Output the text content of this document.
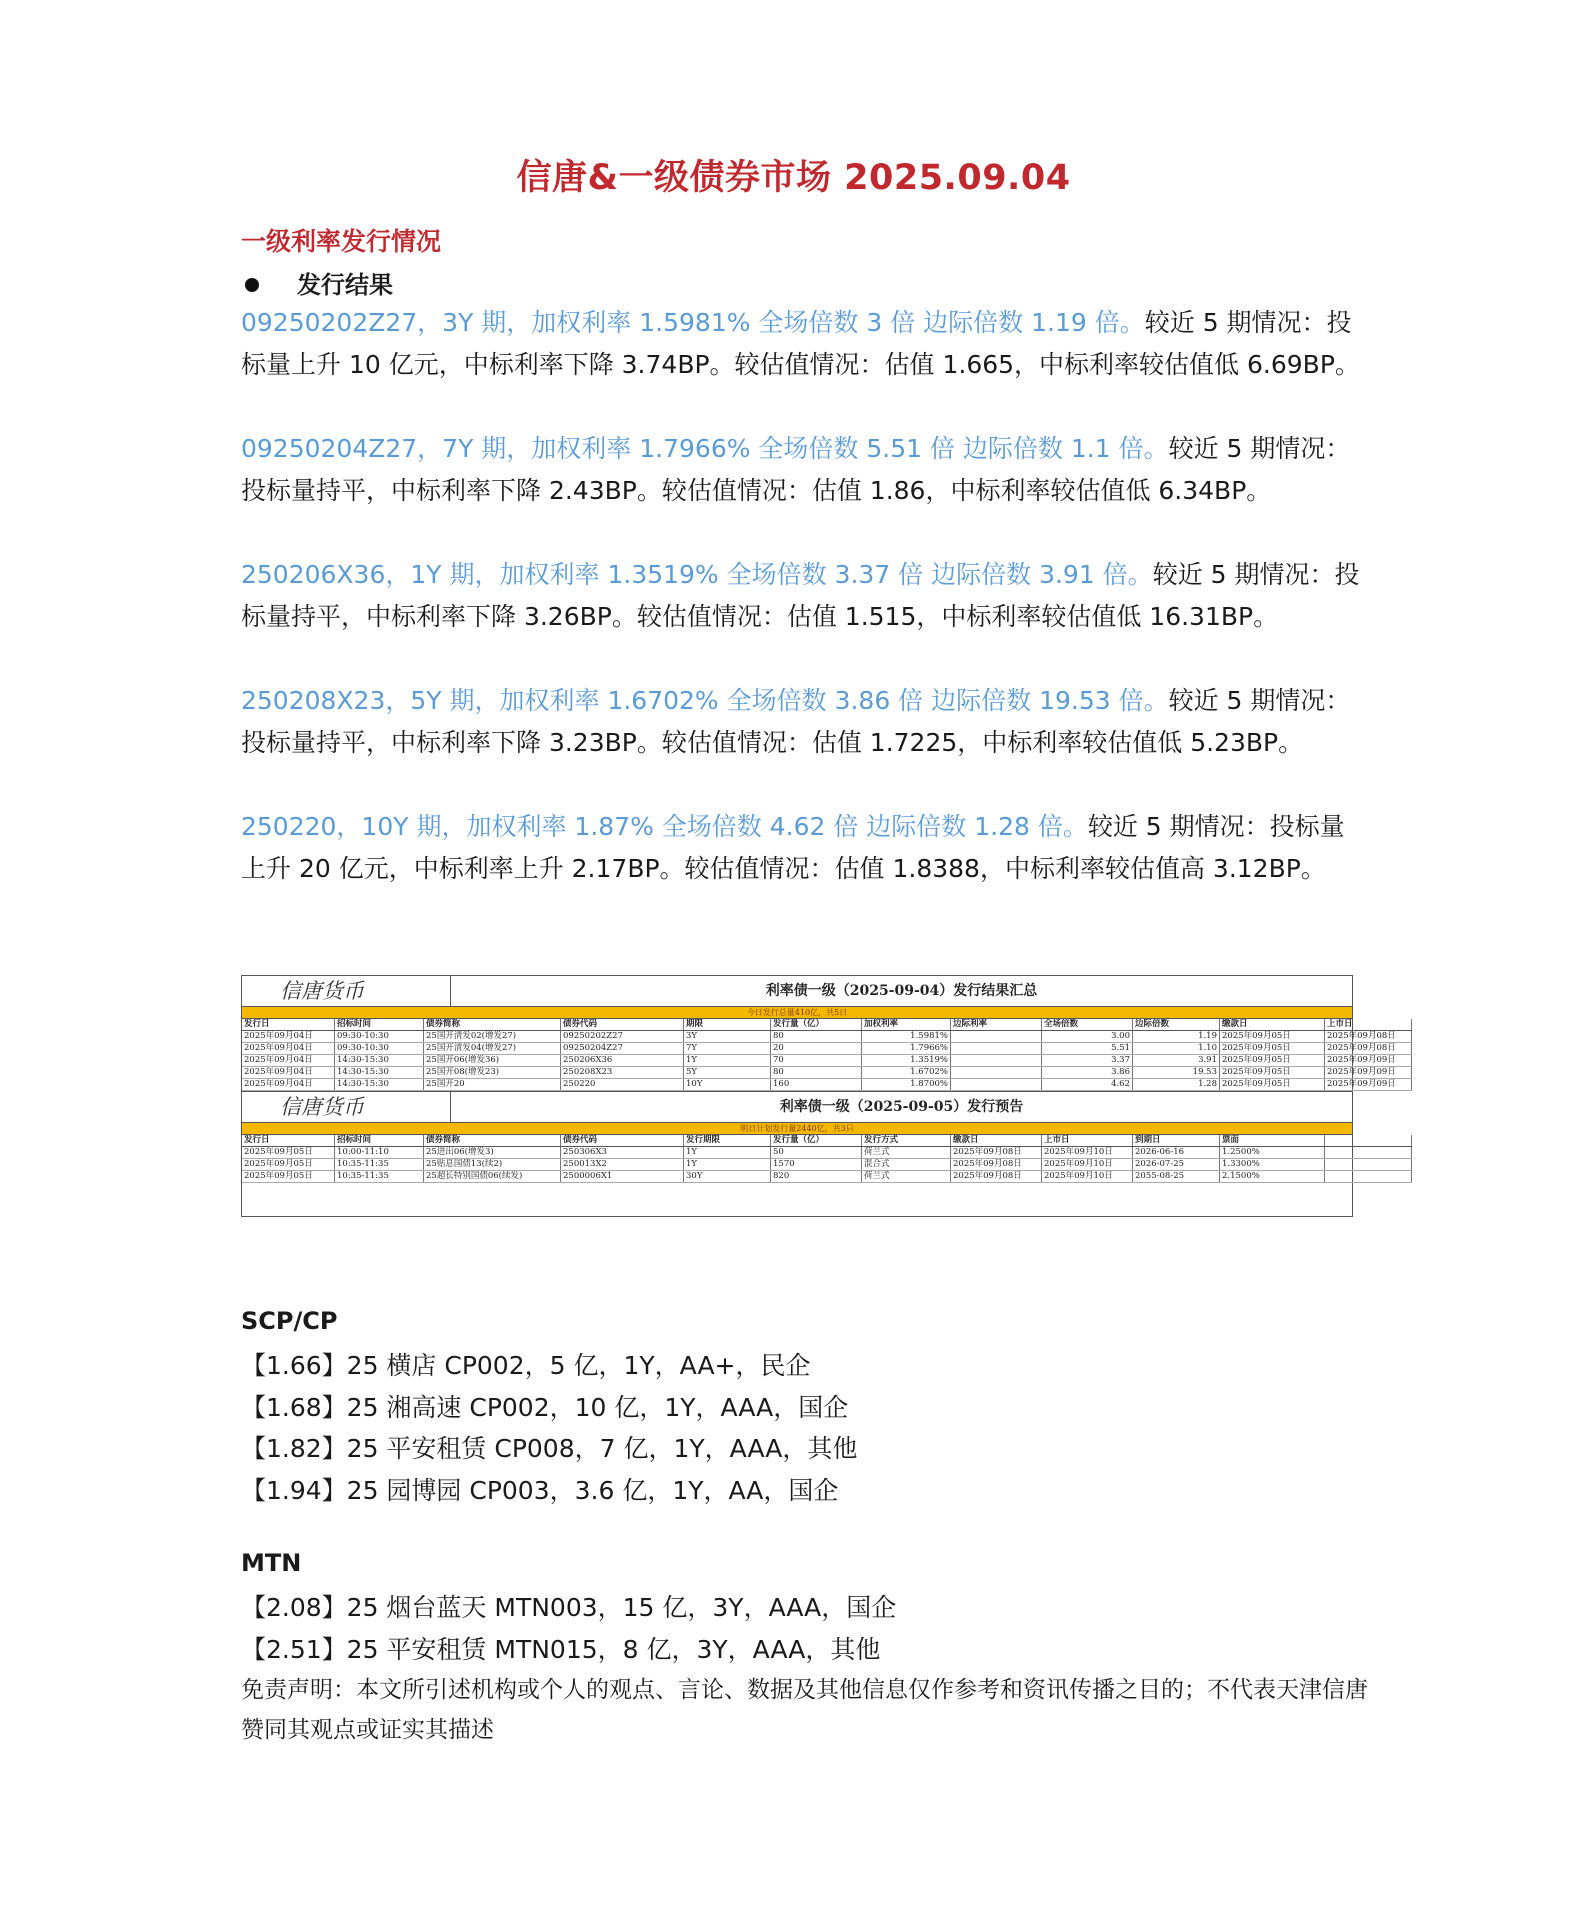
信唐&一级债券市场 2025.09.04
一级利率发行情况
发行结果

09250202Z27，3Y 期，加权利率 1.5981% 全场倍数 3 倍 边际倍数 1.19 倍。较近 5 期情况：投标量上升 10 亿元，中标利率下降 3.74BP。较估值情况：估值 1.665，中标利率较估值低 6.69BP。

09250204Z27，7Y 期，加权利率 1.7966% 全场倍数 5.51 倍 边际倍数 1.1 倍。较近 5 期情况：投标量持平，中标利率下降 2.43BP。较估值情况：估值 1.86，中标利率较估值低 6.34BP。

250206X36，1Y 期，加权利率 1.3519% 全场倍数 3.37 倍 边际倍数 3.91 倍。较近 5 期情况：投标量持平，中标利率下降 3.26BP。较估值情况：估值 1.515，中标利率较估值低 16.31BP。

250208X23，5Y 期，加权利率 1.6702% 全场倍数 3.86 倍 边际倍数 19.53 倍。较近 5 期情况：投标量持平，中标利率下降 3.23BP。较估值情况：估值 1.7225，中标利率较估值低 5.23BP。

250220，10Y 期，加权利率 1.87% 全场倍数 4.62 倍 边际倍数 1.28 倍。较近 5 期情况：投标量上升 20 亿元，中标利率上升 2.17BP。较估值情况：估值 1.8388，中标利率较估值高 3.12BP。

信唐货币	利率债一级（2025-09-04）发行结果汇总
今日发行总量410亿，共5日
发行日	招标时间	债券简称	债券代码	期限	发行量（亿）	加权利率	边际利率	全场倍数	边际倍数	缴款日	上市日
2025年09月04日	09:30-10:30	25国开清发02(增发27)	09250202Z27	3Y	80	1.5981%		3.00	1.19	2025年09月05日	2025年09月08日
2025年09月04日	09:30-10:30	25国开清发04(增发27)	09250204Z27	7Y	20	1.7966%		5.51	1.10	2025年09月05日	2025年09月08日
2025年09月04日	14:30-15:30	25国开06(增发36)	250206X36	1Y	70	1.3519%		3.37	3.91	2025年09月05日	2025年09月09日
2025年09月04日	14:30-15:30	25国开08(增发23)	250208X23	5Y	80	1.6702%		3.86	19.53	2025年09月05日	2025年09月09日
2025年09月04日	14:30-15:30	25国开20	250220	10Y	160	1.8700%		4.62	1.28	2025年09月05日	2025年09月09日
信唐货币	利率债一级（2025-09-05）发行预告
明日计划发行量2440亿，共3只
发行日	招标时间	债券简称	债券代码	发行期限	发行量（亿）	发行方式	缴款日	上市日	到期日	票面	
2025年09月05日	10:00-11:10	25进出06(增发3)	250306X3	1Y	50	荷兰式	2025年09月08日	2025年09月10日	2026-06-16	1.2500%	
2025年09月05日	10:35-11:35	25贴息国债13(续2)	250013X2	1Y	1570	混合式	2025年09月08日	2025年09月10日	2026-07-25	1.3300%	
2025年09月05日	10:35-11:35	25超长特别国债06(续发)	2500006X1	30Y	820	荷兰式	2025年09月08日	2025年09月10日	2055-08-25	2.1500%	
SCP/CP
【1.66】25 横店 CP002，5 亿，1Y，AA+，民企
【1.68】25 湘高速 CP002，10 亿，1Y，AAA，国企
【1.82】25 平安租赁 CP008，7 亿，1Y，AAA，其他
【1.94】25 园博园 CP003，3.6 亿，1Y，AA，国企
MTN
【2.08】25 烟台蓝天 MTN003，15 亿，3Y，AAA，国企
【2.51】25 平安租赁 MTN015，8 亿，3Y，AAA，其他
免责声明：本文所引述机构或个人的观点、言论、数据及其他信息仅作参考和资讯传播之目的；不代表天津信唐赞同其观点或证实其描述
